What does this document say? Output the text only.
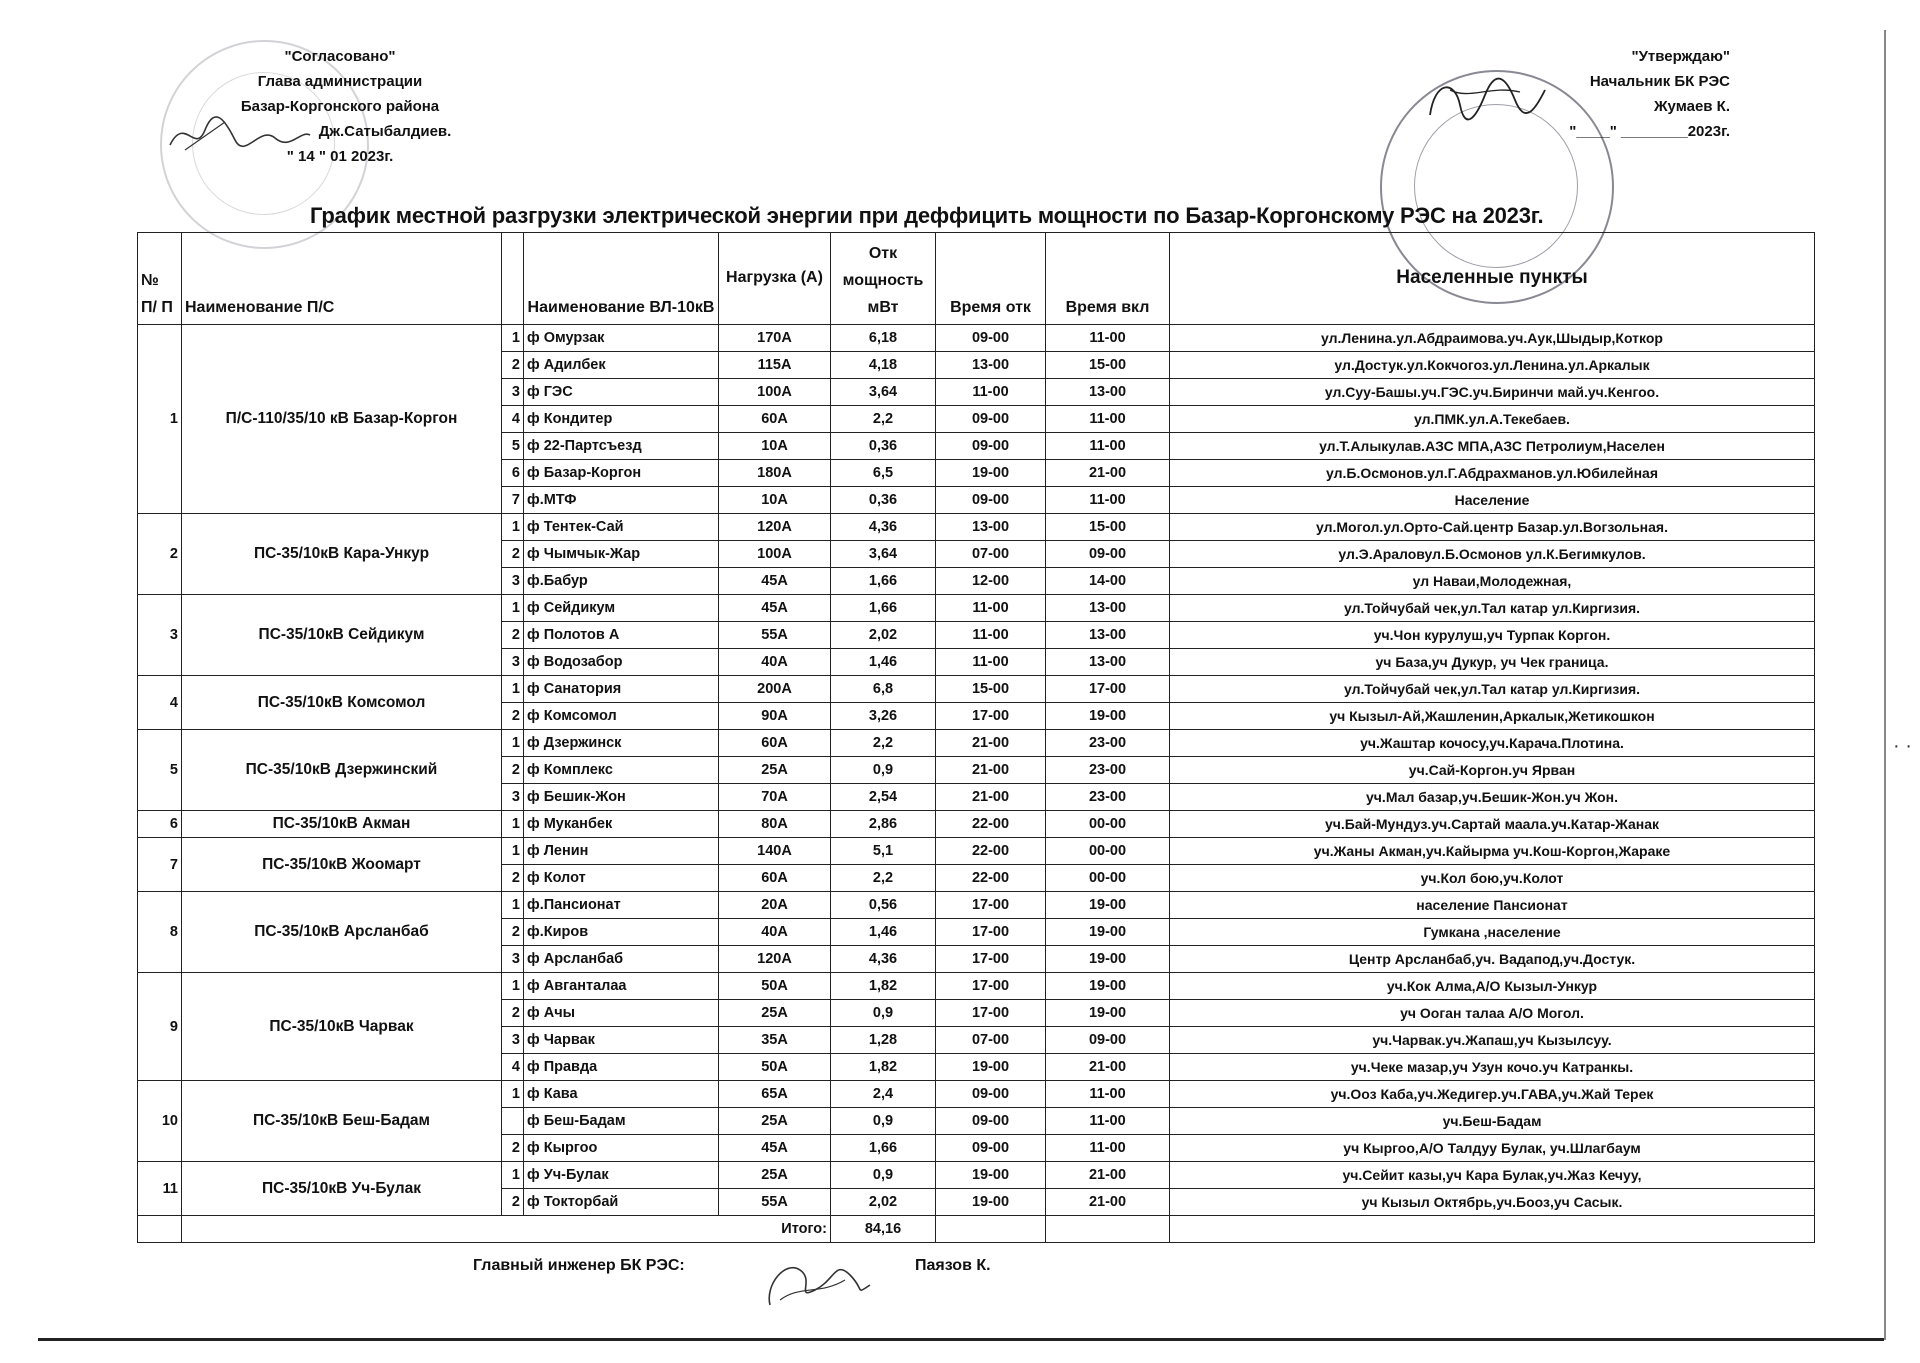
"Согласовано"
Глава администрации
Базар-Коргонского района
Дж.Сатыбалдиев.
" 14 " 01 2023г.
"Утверждаю"
Начальник БК РЭС
Жумаев К.
"____" ________2023г.
График местной разгрузки электрической энергии при деффицить мощности по Базар-Коргонскому РЭС на 2023г.
№ П/ П	Наименование П/С		Наименование ВЛ-10кВ	Нагрузка (А)	Отк мощность мВт	Время отк	Время вкл	Населенные пункты
1	П/С-110/35/10 кВ Базар-Коргон	1	ф Омурзак	170А	6,18	09-00	11-00	ул.Ленина.ул.Абдраимова.уч.Аук,Шыдыр,Коткор
		2	ф Адилбек	115А	4,18	13-00	15-00	ул.Достук.ул.Кокчогоз.ул.Ленина.ул.Аркалык
		3	ф ГЭС	100А	3,64	11-00	13-00	ул.Суу-Башы.уч.ГЭС.уч.Биринчи май.уч.Кенгоо.
		4	ф Кондитер	60А	2,2	09-00	11-00	ул.ПМК.ул.А.Текебаев.
		5	ф 22-Партсъезд	10А	0,36	09-00	11-00	ул.Т.Алыкулав.АЗС МПА,АЗС Петролиум,Населен
		6	ф Базар-Коргон	180А	6,5	19-00	21-00	ул.Б.Осмонов.ул.Г.Абдрахманов.ул.Юбилейная
		7	ф.МТФ	10А	0,36	09-00	11-00	Население
2	ПС-35/10кВ Кара-Ункур	1	ф Тентек-Сай	120А	4,36	13-00	15-00	ул.Могол.ул.Орто-Сай.центр Базар.ул.Вогзольная.
		2	ф Чымчык-Жар	100А	3,64	07-00	09-00	ул.Э.Араловул.Б.Осмонов ул.К.Бегимкулов.
		3	ф.Бабур	45А	1,66	12-00	14-00	ул Наваи,Молодежная,
3	ПС-35/10кВ Сейдикум	1	ф Сейдикум	45А	1,66	11-00	13-00	ул.Тойчубай чек,ул.Тал катар ул.Киргизия.
		2	ф Полотов А	55А	2,02	11-00	13-00	уч.Чон курулуш,уч Турпак Коргон.
		3	ф Водозабор	40А	1,46	11-00	13-00	уч База,уч Дукур, уч Чек граница.
4	ПС-35/10кВ Комсомол	1	ф Санатория	200А	6,8	15-00	17-00	ул.Тойчубай чек,ул.Тал катар ул.Киргизия.
		2	ф Комсомол	90А	3,26	17-00	19-00	уч Кызыл-Ай,Жашленин,Аркалык,Жетикошкон
5	ПС-35/10кВ Дзержинский	1	ф Дзержинск	60А	2,2	21-00	23-00	уч.Жаштар кочосу,уч.Карача.Плотина.
		2	ф Комплекс	25А	0,9	21-00	23-00	уч.Сай-Коргон.уч Ярван
		3	ф Бешик-Жон	70А	2,54	21-00	23-00	уч.Мал базар,уч.Бешик-Жон.уч Жон.
6	ПС-35/10кВ Акман	1	ф Муканбек	80А	2,86	22-00	00-00	уч.Бай-Мундуз.уч.Сартай маала.уч.Катар-Жанак
7	ПС-35/10кВ Жоомарт	1	ф Ленин	140А	5,1	22-00	00-00	уч.Жаны Акман,уч.Кайырма уч.Кош-Коргон,Жараке
		2	ф Колот	60А	2,2	22-00	00-00	уч.Кол бою,уч.Колот
8	ПС-35/10кВ Арсланбаб	1	ф.Пансионат	20А	0,56	17-00	19-00	население Пансионат
		2	ф.Киров	40А	1,46	17-00	19-00	Гумкана ,население
		3	ф Арсланбаб	120А	4,36	17-00	19-00	Центр Арсланбаб,уч. Вадапод,уч.Достук.
9	ПС-35/10кВ Чарвак	1	ф Авганталаа	50А	1,82	17-00	19-00	уч.Кок Алма,А/О Кызыл-Ункур
		2	ф Ачы	25А	0,9	17-00	19-00	уч Ооган талаа А/О Могол.
		3	ф Чарвак	35А	1,28	07-00	09-00	уч.Чарвак.уч.Жапаш,уч Кызылсуу.
		4	ф Правда	50А	1,82	19-00	21-00	уч.Чеке мазар,уч Узун кочо.уч Катранкы.
10	ПС-35/10кВ Беш-Бадам	1	ф Кава	65А	2,4	09-00	11-00	уч.Ооз Каба,уч.Жедигер.уч.ГАВА,уч.Жай Терек
			ф Беш-Бадам	25А	0,9	09-00	11-00	уч.Беш-Бадам
		2	ф Кыргоо	45А	1,66	09-00	11-00	уч Кыргоо,А/О Талдуу Булак, уч.Шлагбаум
11	ПС-35/10кВ Уч-Булак	1	ф Уч-Булак	25А	0,9	19-00	21-00	уч.Сейит казы,уч Кара Булак,уч.Жаз Кечуу,
		2	ф Токторбай	55А	2,02	19-00	21-00	уч Кызыл Октябрь,уч.Бооз,уч Сасык.
	Итого:				84,16			
Главный инженер БК РЭС:	Паязов К.
· ·
